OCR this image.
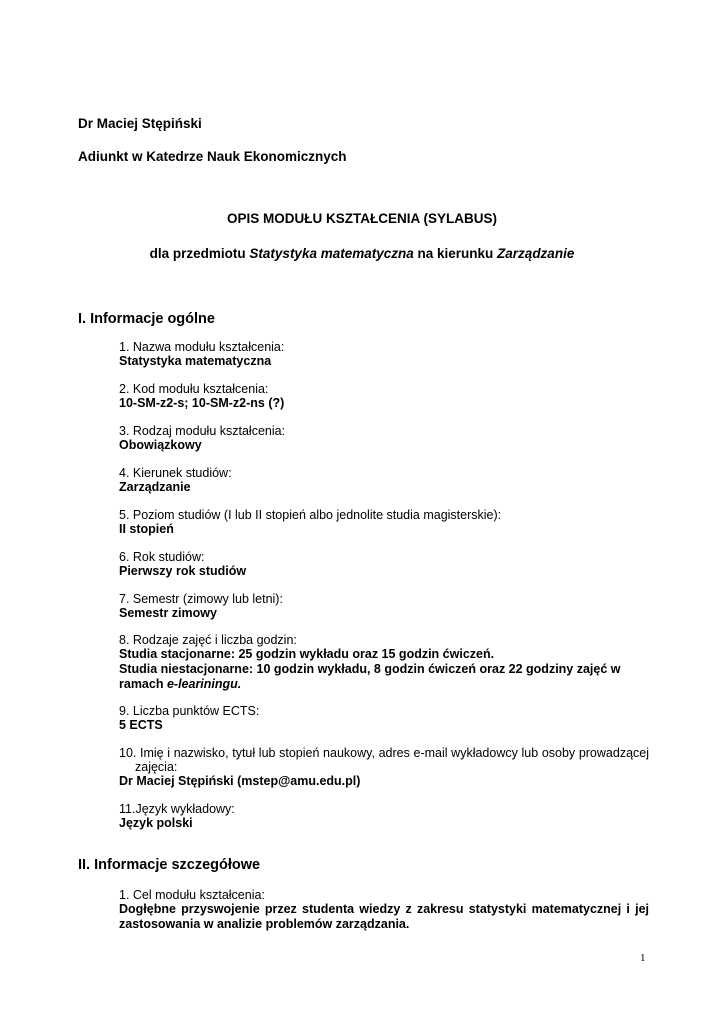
Dr Maciej Stępiński
Adiunkt w Katedrze Nauk Ekonomicznych
OPIS MODUŁU KSZTAŁCENIA (SYLABUS)
dla przedmiotu Statystyka matematyczna na kierunku Zarządzanie
I. Informacje ogólne
1. Nazwa modułu kształcenia:
Statystyka matematyczna
2. Kod modułu kształcenia:
10-SM-z2-s; 10-SM-z2-ns (?)
3. Rodzaj modułu kształcenia:
Obowiązkowy
4. Kierunek studiów:
Zarządzanie
5. Poziom studiów (I lub II stopień albo jednolite studia magisterskie):
II stopień
6. Rok studiów:
Pierwszy rok studiów
7. Semestr (zimowy lub letni):
Semestr zimowy
8. Rodzaje zajęć i liczba godzin:
Studia stacjonarne: 25 godzin wykładu oraz 15 godzin ćwiczeń.
Studia niestacjonarne: 10 godzin wykładu, 8 godzin ćwiczeń oraz 22 godziny zajęć w
ramach e-leariningu.
9. Liczba punktów ECTS:
5 ECTS
10. Imię i nazwisko, tytuł lub stopień naukowy, adres e-mail wykładowcy lub osoby prowadzącej
zajęcia:
Dr Maciej Stępiński (mstep@amu.edu.pl)
11.Język wykładowy:
Język polski
II. Informacje szczegółowe
1. Cel modułu kształcenia:
Dogłębne przyswojenie przez studenta wiedzy z zakresu statystyki matematycznej i jej
zastosowania w analizie problemów zarządzania.
1
